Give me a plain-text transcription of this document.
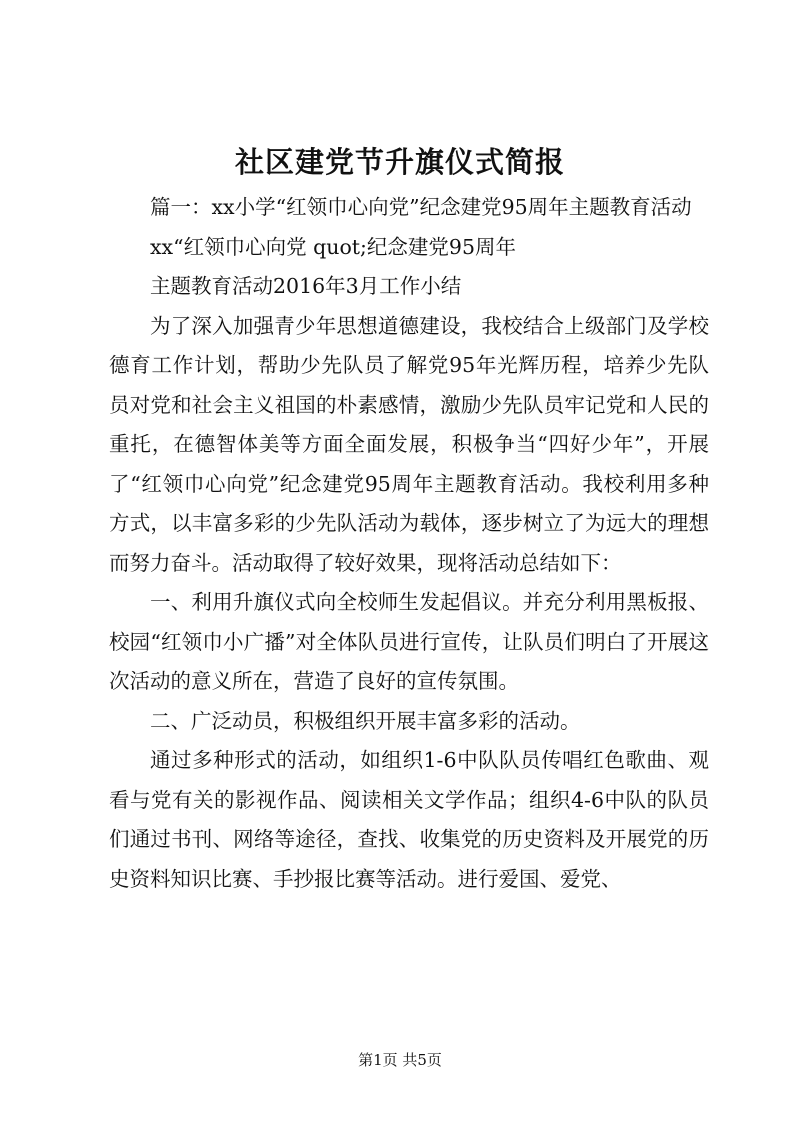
社区建党节升旗仪式简报

篇一：xx小学“红领巾心向党”纪念建党95周年主题教育活动

xx“红领巾心向党 quot;纪念建党95周年

主题教育活动2016年3月工作小结

为了深入加强青少年思想道德建设，我校结合上级部门及学校德育工作计划，帮助少先队员了解党95年光辉历程，培养少先队员对党和社会主义祖国的朴素感情，激励少先队员牢记党和人民的重托，在德智体美等方面全面发展，积极争当“四好少年”，开展了“红领巾心向党”纪念建党95周年主题教育活动。我校利用多种方式，以丰富多彩的少先队活动为载体，逐步树立了为远大的理想而努力奋斗。活动取得了较好效果，现将活动总结如下：

一、利用升旗仪式向全校师生发起倡议。并充分利用黑板报、校园“红领巾小广播”对全体队员进行宣传，让队员们明白了开展这次活动的意义所在，营造了良好的宣传氛围。

二、广泛动员，积极组织开展丰富多彩的活动。

通过多种形式的活动，如组织1-6中队队员传唱红色歌曲、观看与党有关的影视作品、阅读相关文学作品；组织4-6中队的队员们通过书刊、网络等途径，查找、收集党的历史资料及开展党的历史资料知识比赛、手抄报比赛等活动。进行爱国、爱党、

第1页 共5页
